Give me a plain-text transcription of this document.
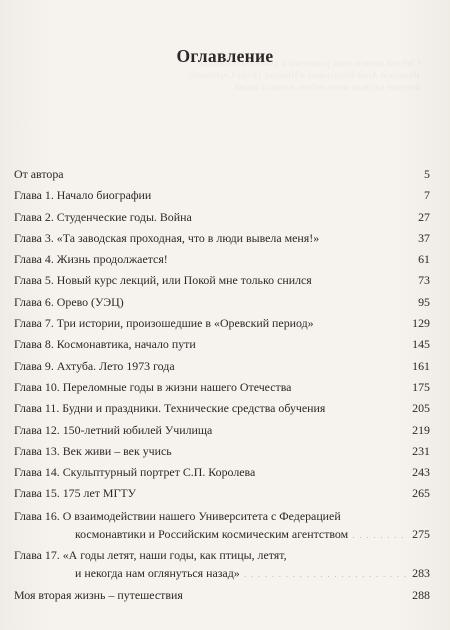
Оглавление
От автора . . .	5
Глава 1. Начало биографии . . .	7
Глава 2. Студенческие годы. Война . . .	27
Глава 3. «Та заводская проходная, что в люди вывела меня!» . . .	37
Глава 4. Жизнь продолжается! . . .	61
Глава 5. Новый курс лекций, или Покой мне только снился . . .	73
Глава 6. Орево (УЭЦ) . . .	95
Глава 7. Три истории, произошедшие в «Оревский период» . . .	129
Глава 8. Космонавтика, начало пути . . .	145
Глава 9. Ахтуба. Лето 1973 года . . .	161
Глава 10. Переломные годы в жизни нашего Отечества . . .	175
Глава 11. Будни и праздники. Технические средства обучения . . .	205
Глава 12. 150-летний юбилей Училища . . .	219
Глава 13. Век живи – век учись . . .	231
Глава 14. Скульптурный портрет С.П. Королева . . .	243
Глава 15. 175 лет МГТУ . . .	265
Глава 16. О взаимодействии нашего Университета с Федерацией
космонавтики и Российским космическим агентством . . .	275
Глава 17. «А годы летят, наши годы, как птицы, летят,
и некогда нам оглянуться назад» . . .	283
Моя вторая жизнь – путешествия . . .	288
